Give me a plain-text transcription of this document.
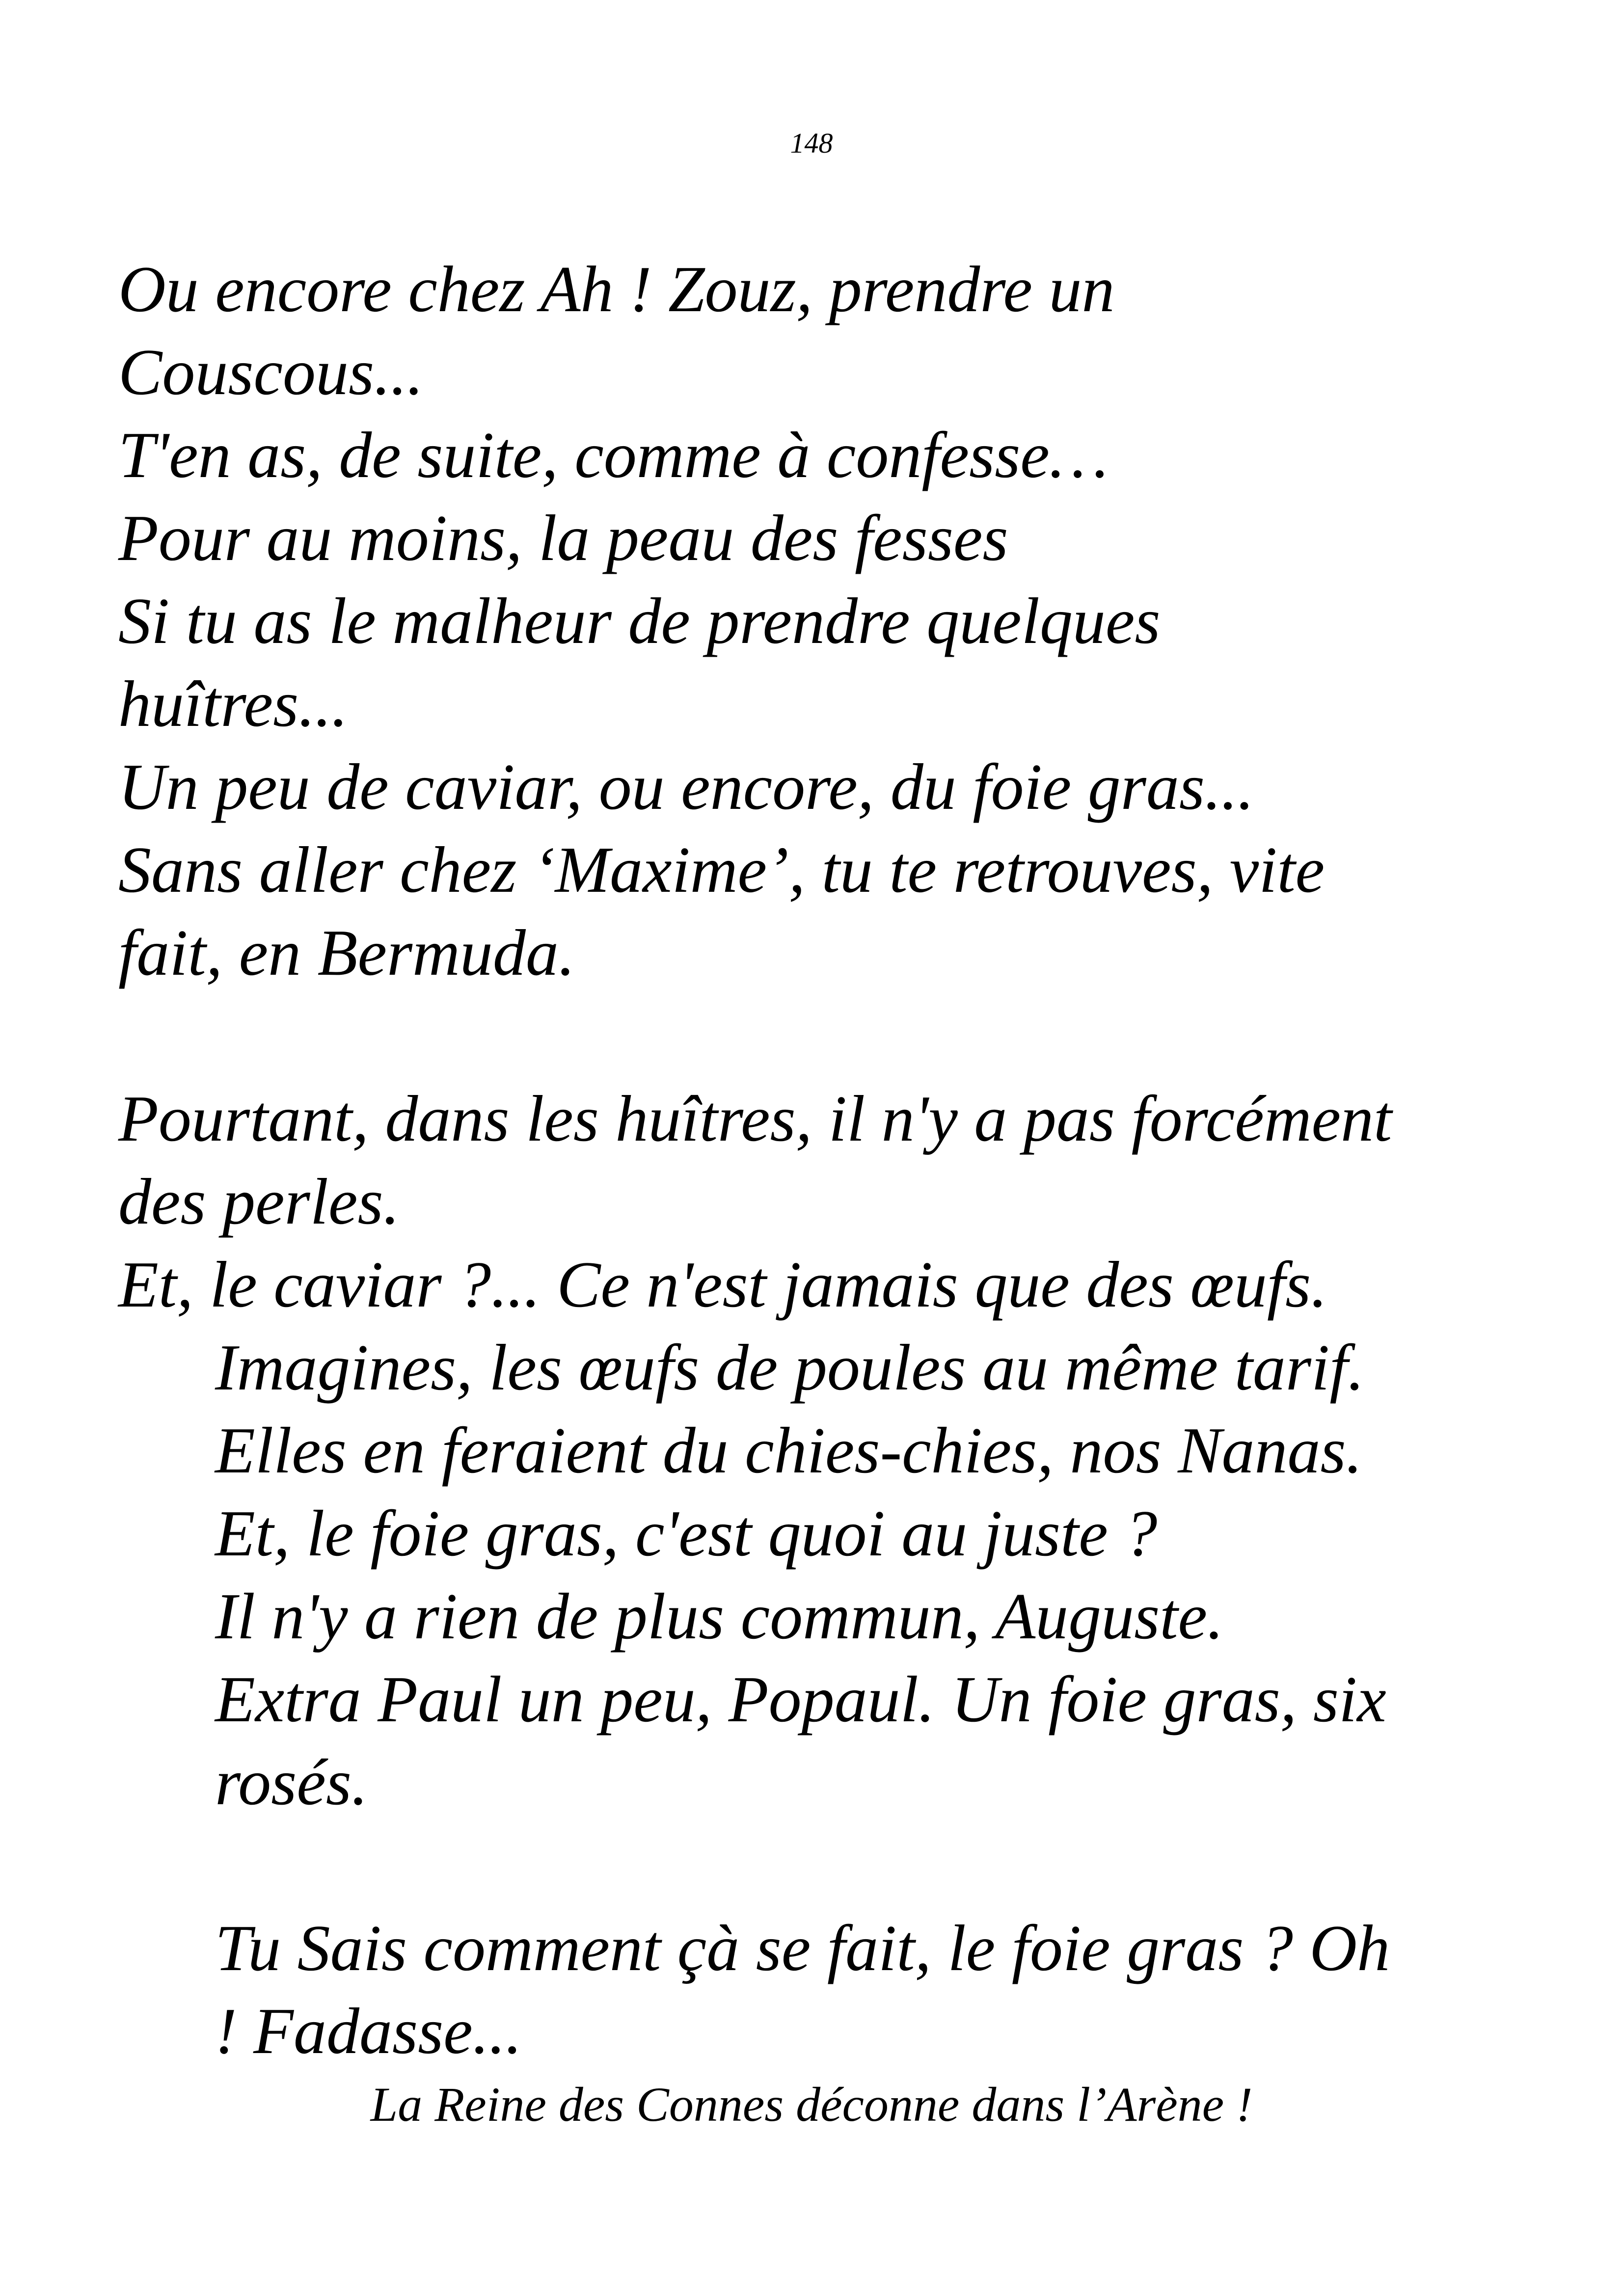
148
Ou encore chez Ah ! Zouz, prendre un
Couscous...
T'en as, de suite, comme à confesse…
Pour au moins, la peau des fesses
Si tu as le malheur de prendre quelques
huîtres...
Un peu de caviar, ou encore, du foie gras...
Sans aller chez ‘Maxime’, tu te retrouves, vite
fait, en Bermuda.
Pourtant, dans les huîtres, il n'y a pas forcément
des perles.
Et, le caviar ?... Ce n'est jamais que des œufs.
Imagines, les œufs de poules au même tarif.
Elles en feraient du chies-chies, nos Nanas.
Et, le foie gras, c'est quoi au juste ?
Il n'y a rien de plus commun, Auguste.
Extra Paul un peu, Popaul. Un foie gras, six
rosés.
Tu Sais comment çà se fait, le foie gras ? Oh
! Fadasse...
La Reine des Connes déconne dans l’Arène !
